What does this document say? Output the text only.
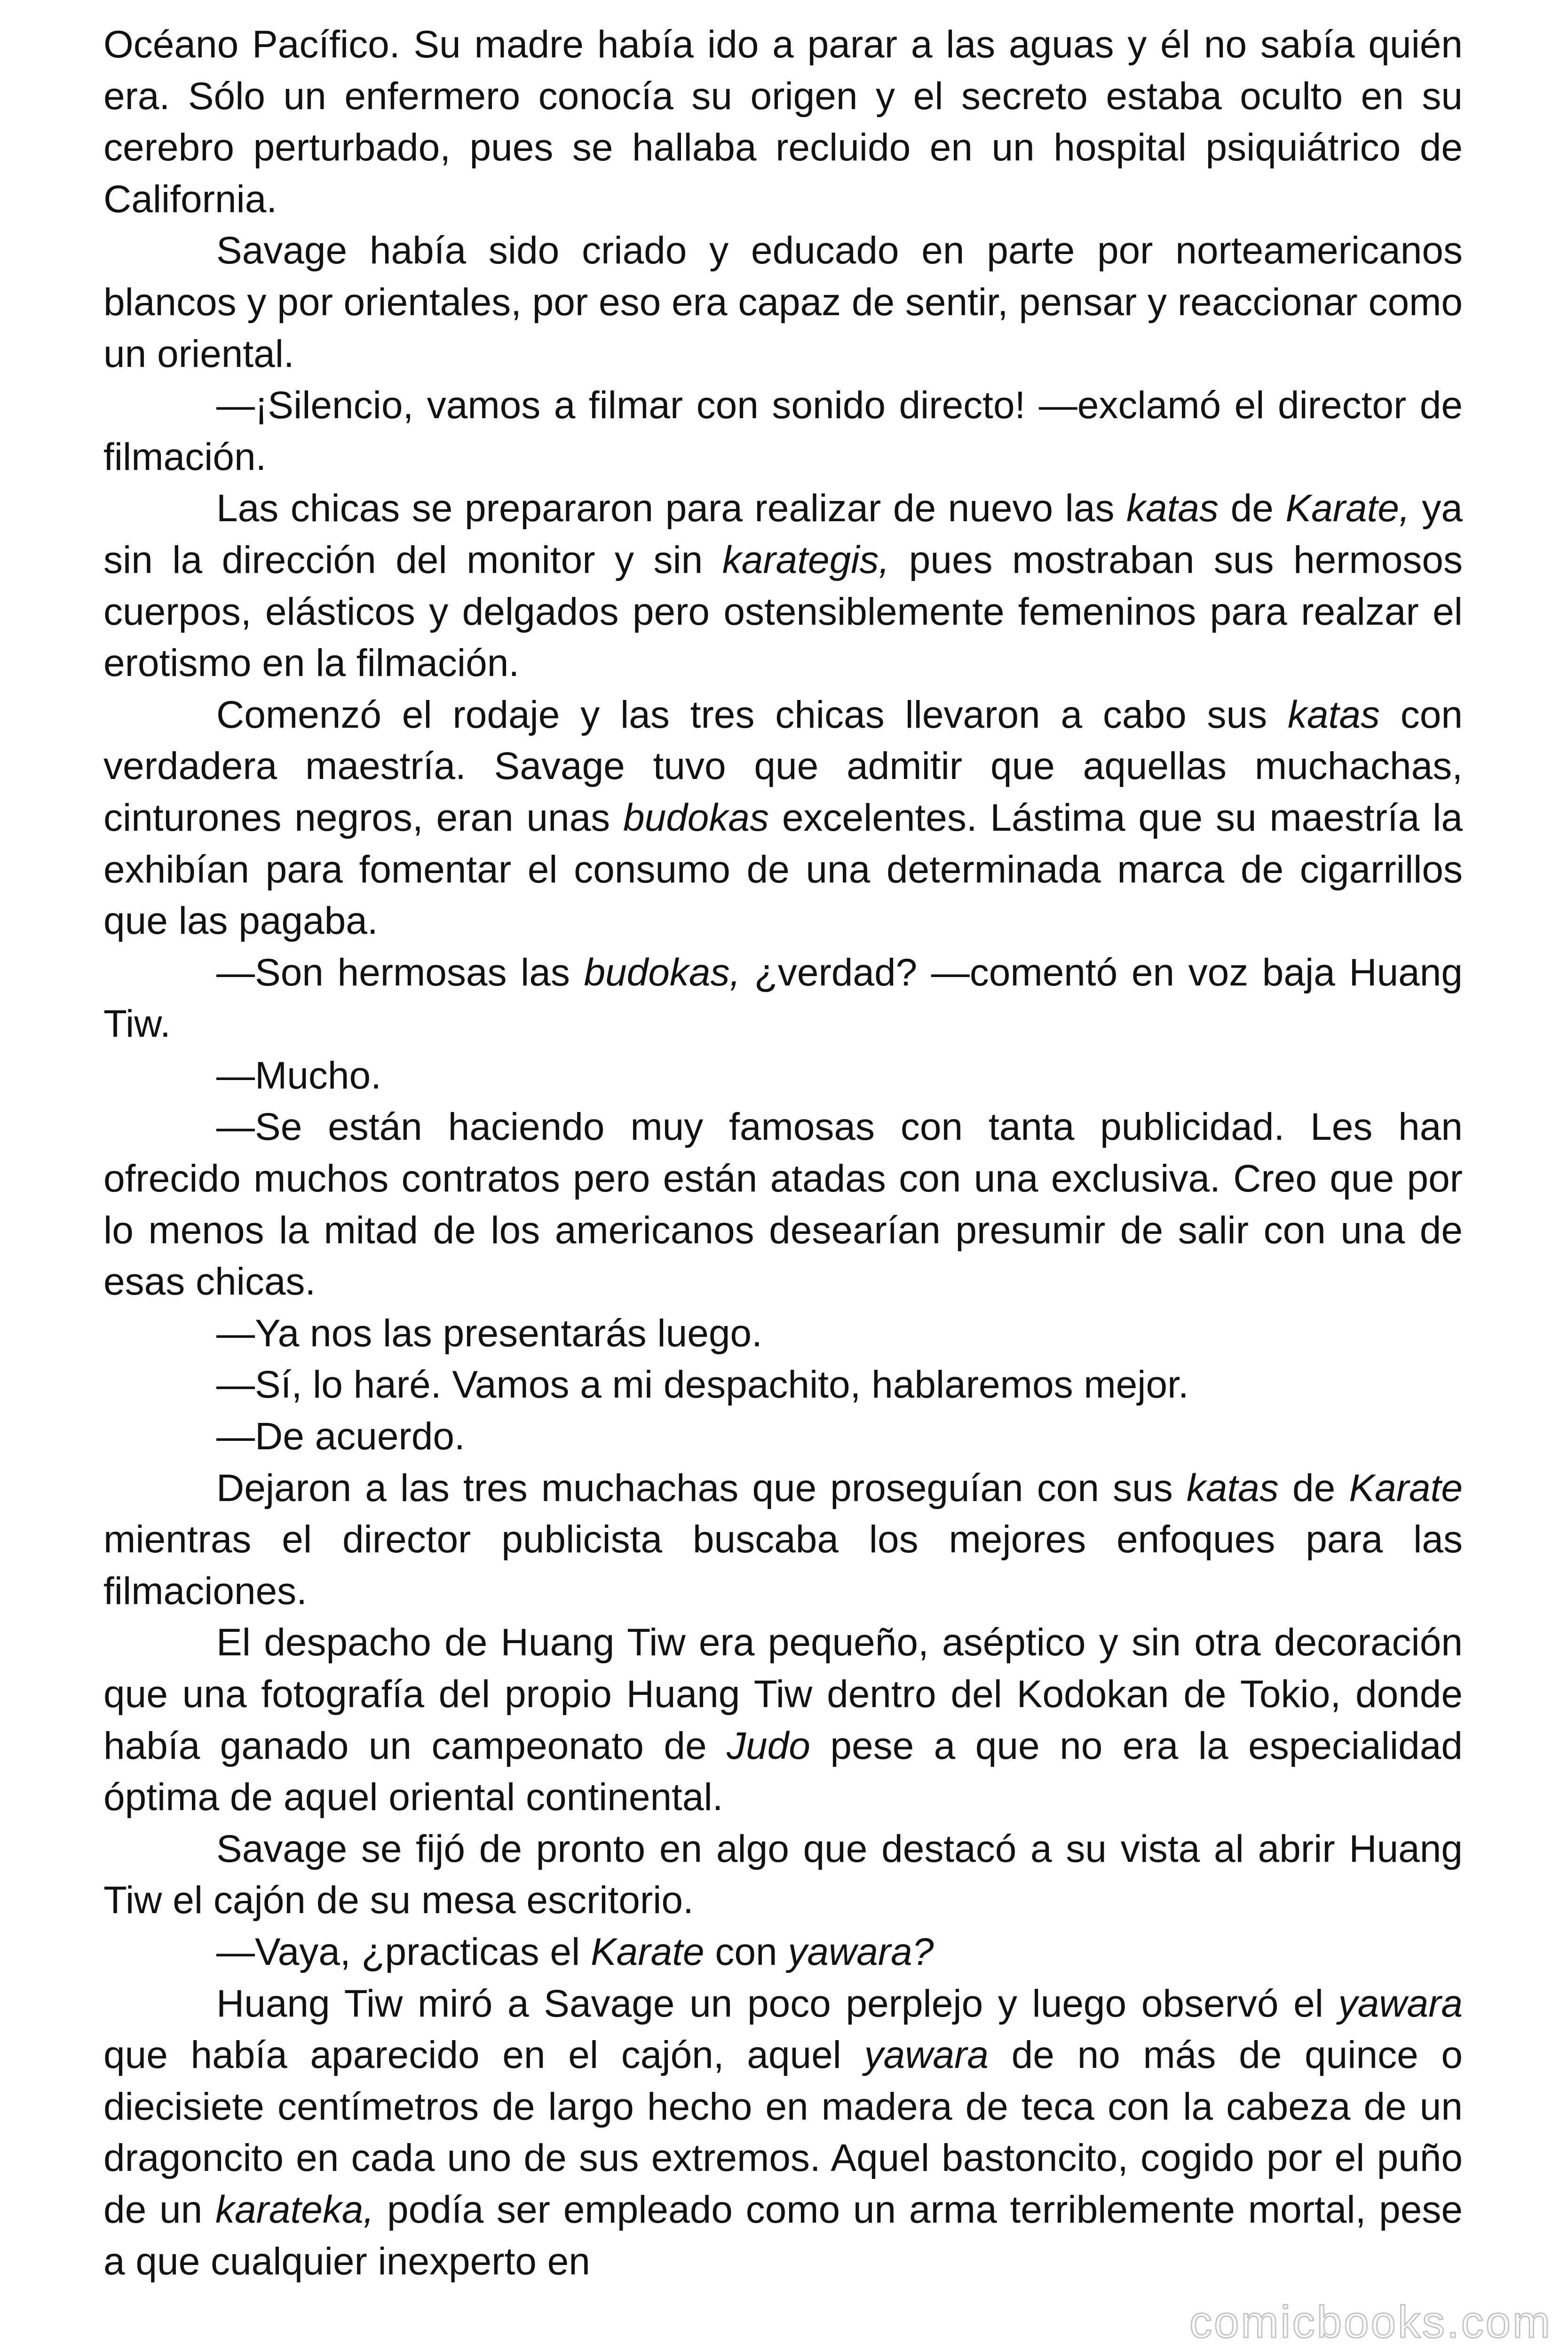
Océano Pacífico. Su madre había ido a parar a las aguas y él no sabía quién era. Sólo un enfermero conocía su origen y el secreto estaba oculto en su cerebro perturbado, pues se hallaba recluido en un hospital psiquiátrico de California.

Savage había sido criado y educado en parte por norteamericanos blancos y por orientales, por eso era capaz de sentir, pensar y reaccionar como un oriental.

—¡Silencio, vamos a filmar con sonido directo! —exclamó el director de filmación.

Las chicas se prepararon para realizar de nuevo las katas de Karate, ya sin la dirección del monitor y sin karategis, pues mostraban sus hermosos cuerpos, elásticos y delgados pero ostensiblemente femeninos para realzar el erotismo en la filmación.

Comenzó el rodaje y las tres chicas llevaron a cabo sus katas con verdadera maestría. Savage tuvo que admitir que aquellas muchachas, cinturones negros, eran unas budokas excelentes. Lástima que su maestría la exhibían para fomentar el consumo de una determinada marca de cigarrillos que las pagaba.

—Son hermosas las budokas, ¿verdad? —comentó en voz baja Huang Tiw.

—Mucho.

—Se están haciendo muy famosas con tanta publicidad. Les han ofrecido muchos contratos pero están atadas con una exclusiva. Creo que por lo menos la mitad de los americanos desearían presumir de salir con una de esas chicas.

—Ya nos las presentarás luego.

—Sí, lo haré. Vamos a mi despachito, hablaremos mejor.

—De acuerdo.

Dejaron a las tres muchachas que proseguían con sus katas de Karate mientras el director publicista buscaba los mejores enfoques para las filmaciones.

El despacho de Huang Tiw era pequeño, aséptico y sin otra decoración que una fotografía del propio Huang Tiw dentro del Kodokan de Tokio, donde había ganado un campeonato de Judo pese a que no era la especialidad óptima de aquel oriental continental.

Savage se fijó de pronto en algo que destacó a su vista al abrir Huang Tiw el cajón de su mesa escritorio.

—Vaya, ¿practicas el Karate con yawara?

Huang Tiw miró a Savage un poco perplejo y luego observó el yawara que había aparecido en el cajón, aquel yawara de no más de quince o diecisiete centímetros de largo hecho en madera de teca con la cabeza de un dragoncito en cada uno de sus extremos. Aquel bastoncito, cogido por el puño de un karateka, podía ser empleado como un arma terriblemente mortal, pese a que cualquier inexperto en

comicbooks.com
